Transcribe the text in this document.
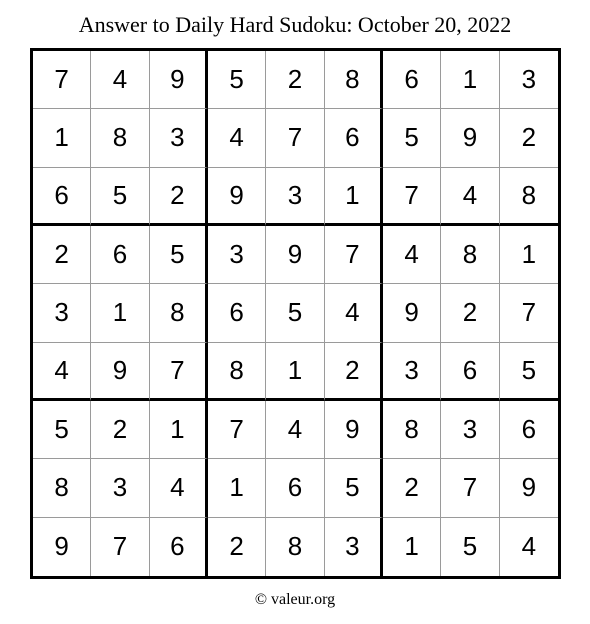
Answer to Daily Hard Sudoku: October 20, 2022
7	4	9	5	2	8	6	1	3
1	8	3	4	7	6	5	9	2
6	5	2	9	3	1	7	4	8
2	6	5	3	9	7	4	8	1
3	1	8	6	5	4	9	2	7
4	9	7	8	1	2	3	6	5
5	2	1	7	4	9	8	3	6
8	3	4	1	6	5	2	7	9
9	7	6	2	8	3	1	5	4
© valeur.org
